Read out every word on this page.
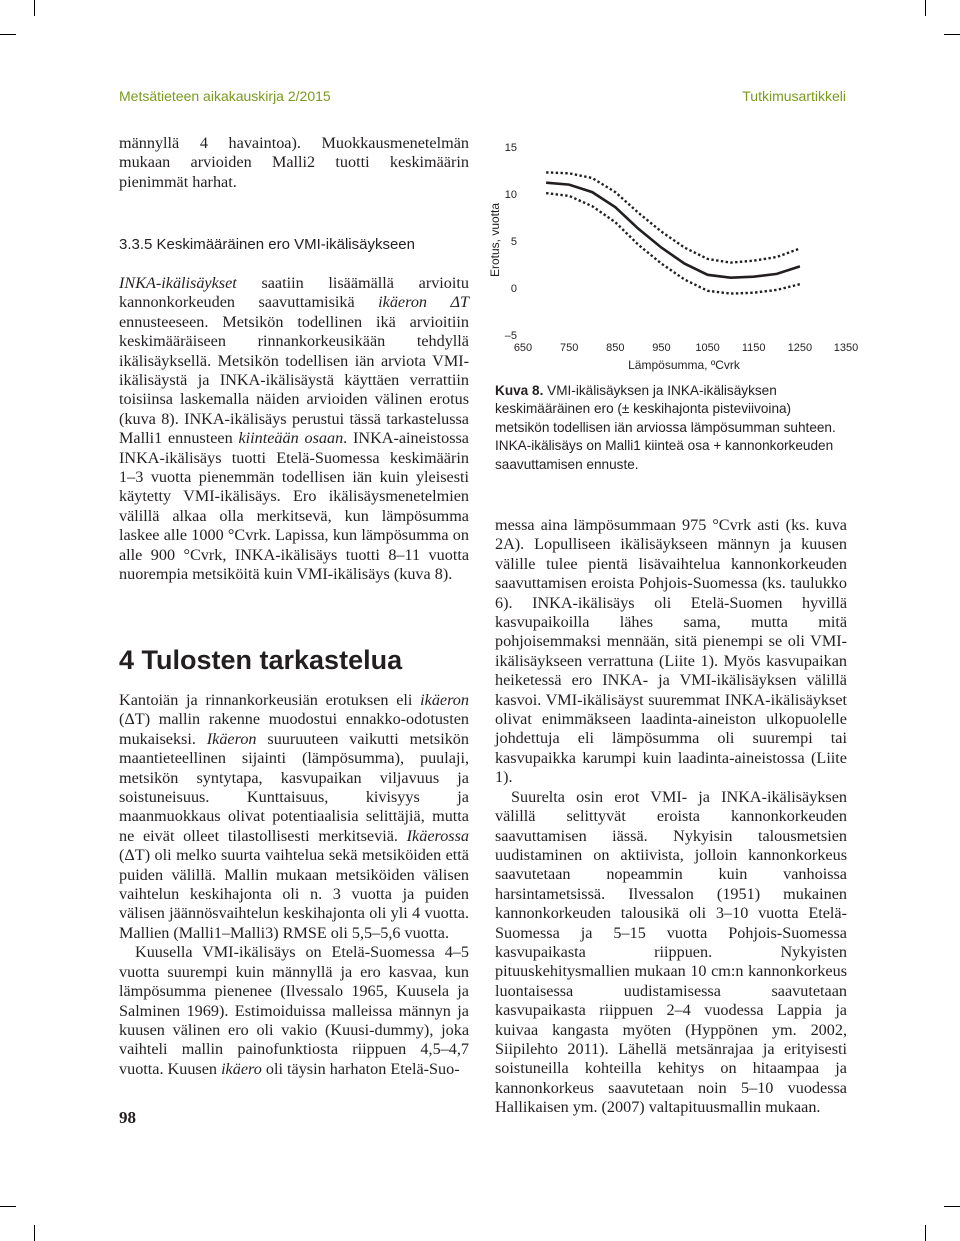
Metsätieteen aikakauskirja 2/2015	Tutkimusartikkeli

männyllä 4 havaintoa). Muokkausmenetelmän mukaan arvioiden Malli2 tuotti keskimäärin pienimmät harhat.

3.3.5 Keskimääräinen ero VMI-ikälisäykseen

INKA-ikälisäykset saatiin lisäämällä arvioitu kannonkorkeuden saavuttamisikä ikäeron ΔT ennusteeseen. Metsikön todellinen ikä arvioitiin keskimääräiseen rinnankorkeusikään tehdyllä ikälisäyksellä. Metsikön todellisen iän arviota VMI-ikälisäystä ja INKA-ikälisäystä käyttäen verrattiin toisiinsa laskemalla näiden arvioiden välinen erotus (kuva 8). INKA-ikälisäys perustui tässä tarkastelussa Malli1 ennusteen kiinteään osaan. INKA-aineistossa INKA-ikälisäys tuotti Etelä-Suomessa keskimäärin 1–3 vuotta pienemmän todellisen iän kuin yleisesti käytetty VMI-ikälisäys. Ero ikälisäysmenetelmien välillä alkaa olla merkitsevä, kun lämpösumma laskee alle 1000 °Cvrk. Lapissa, kun lämpösumma on alle 900 °Cvrk, INKA-ikälisäys tuotti 8–11 vuotta nuorempia metsiköitä kuin VMI-ikälisäys (kuva 8).

4 Tulosten tarkastelua

Kantoiän ja rinnankorkeusiän erotuksen eli ikäeron (ΔT) mallin rakenne muodostui ennakko-odotusten mukaiseksi. Ikäeron suuruuteen vaikutti metsikön maantieteellinen sijainti (lämpösumma), puulaji, metsikön syntytapa, kasvupaikan viljavuus ja soistuneisuus. Kunttaisuus, kivisyys ja maanmuokkaus olivat potentiaalisia selittäjiä, mutta ne eivät olleet tilastollisesti merkitseviä. Ikäerossa (ΔT) oli melko suurta vaihtelua sekä metsiköiden että puiden välillä. Mallin mukaan metsiköiden välisen vaihtelun keskihajonta oli n. 3 vuotta ja puiden välisen jäännösvaihtelun keskihajonta oli yli 4 vuotta. Mallien (Malli1–Malli3) RMSE oli 5,5–5,6 vuotta.

Kuusella VMI-ikälisäys on Etelä-Suomessa 4–5 vuotta suurempi kuin männyllä ja ero kasvaa, kun lämpösumma pienenee (Ilvessalo 1965, Kuusela ja Salminen 1969). Estimoiduissa malleissa männyn ja kuusen välinen ero oli vakio (Kuusi-dummy), joka vaihteli mallin painofunktiosta riippuen 4,5–4,7 vuotta. Kuusen ikäero oli täysin harhaton Etelä-Suo-

650	750	850	950 1050 1150 1250 1350
15
10
5
0
–5
Erotus, vuotta
Lämpösumma, ºCvrk
Kuva 8. VMI-ikälisäyksen ja INKA-ikälisäyksen keskimääräinen ero (± keskihajonta pisteviivoina) metsikön todellisen iän arviossa lämpösumman suhteen. INKA-ikälisäys on Malli1 kiinteä osa + kannonkorkeuden saavuttamisen ennuste.

messa aina lämpösummaan 975 °Cvrk asti (ks. kuva 2A). Lopulliseen ikälisäykseen männyn ja kuusen välille tulee pientä lisävaihtelua kannonkorkeuden saavuttamisen eroista Pohjois-Suomessa (ks. taulukko 6). INKA-ikälisäys oli Etelä-Suomen hyvillä kasvupaikoilla lähes sama, mutta mitä pohjoisemmaksi mennään, sitä pienempi se oli VMI-ikälisäykseen verrattuna (Liite 1). Myös kasvupaikan heiketessä ero INKA- ja VMI-ikälisäyksen välillä kasvoi. VMI-ikälisäyst suuremmat INKA-ikälisäykset olivat enimmäkseen laadinta-aineiston ulkopuolelle johdettuja eli lämpösumma oli suurempi tai kasvupaikka karumpi kuin laadinta-aineistossa (Liite 1).

Suurelta osin erot VMI- ja INKA-ikälisäyksen välillä selittyvät eroista kannonkorkeuden saavuttamisen iässä. Nykyisin talousmetsien uudistaminen on aktiivista, jolloin kannonkorkeus saavutetaan nopeammin kuin vanhoissa harsintametsissä. Ilvessalon (1951) mukainen kannonkorkeuden talousikä oli 3–10 vuotta Etelä-Suomessa ja 5–15 vuotta Pohjois-Suomessa kasvupaikasta riippuen. Nykyisten pituuskehitysmallien mukaan 10 cm:n kannonkorkeus luontaisessa uudistamisessa saavutetaan kasvupaikasta riippuen 2–4 vuodessa Lappia ja kuivaa kangasta myöten (Hyppönen ym. 2002, Siipilehto 2011). Lähellä metsänrajaa ja erityisesti soistuneilla kohteilla kehitys on hitaampaa ja kannonkorkeus saavutetaan noin 5–10 vuodessa Hallikaisen ym. (2007) valtapituusmallin mukaan.

98
